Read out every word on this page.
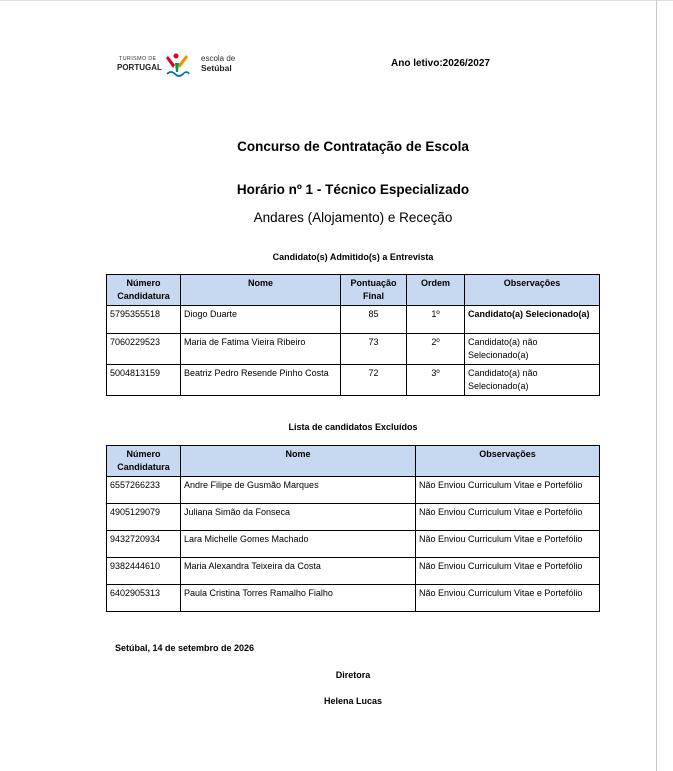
TURISMO DE
PORTUGAL
escola de
Setúbal	Ano letivo:2026/2027
Concurso de Contratação de Escola
Horário nº 1 - Técnico Especializado
Andares (Alojamento) e Receção
Candidato(s) Admitido(s) a Entrevista
Número Candidatura	Nome	Pontuação Final	Ordem	Observações
5795355518	Diogo Duarte	85	1º	Candidato(a) Selecionado(a)
7060229523	Maria de Fatima Vieira Ribeiro	73	2º	Candidato(a) não Selecionado(a)
5004813159	Beatriz Pedro Resende Pinho Costa	72	3º	Candidato(a) não Selecionado(a)
Lista de candidatos Excluídos
Número Candidatura	Nome	Observações
6557266233	Andre Filipe de Gusmão Marques	Não Enviou Curriculum Vitae e Portefólio
4905129079	Juliana Simão da Fonseca	Não Enviou Curriculum Vitae e Portefólio
9432720934	Lara Michelle Gomes Machado	Não Enviou Curriculum Vitae e Portefólio
9382444610	Maria Alexandra Teixeira da Costa	Não Enviou Curriculum Vitae e Portefólio
6402905313	Paula Cristina Torres Ramalho Fialho	Não Enviou Curriculum Vitae e Portefólio
Setúbal, 14 de setembro de 2026
Diretora
Helena Lucas
